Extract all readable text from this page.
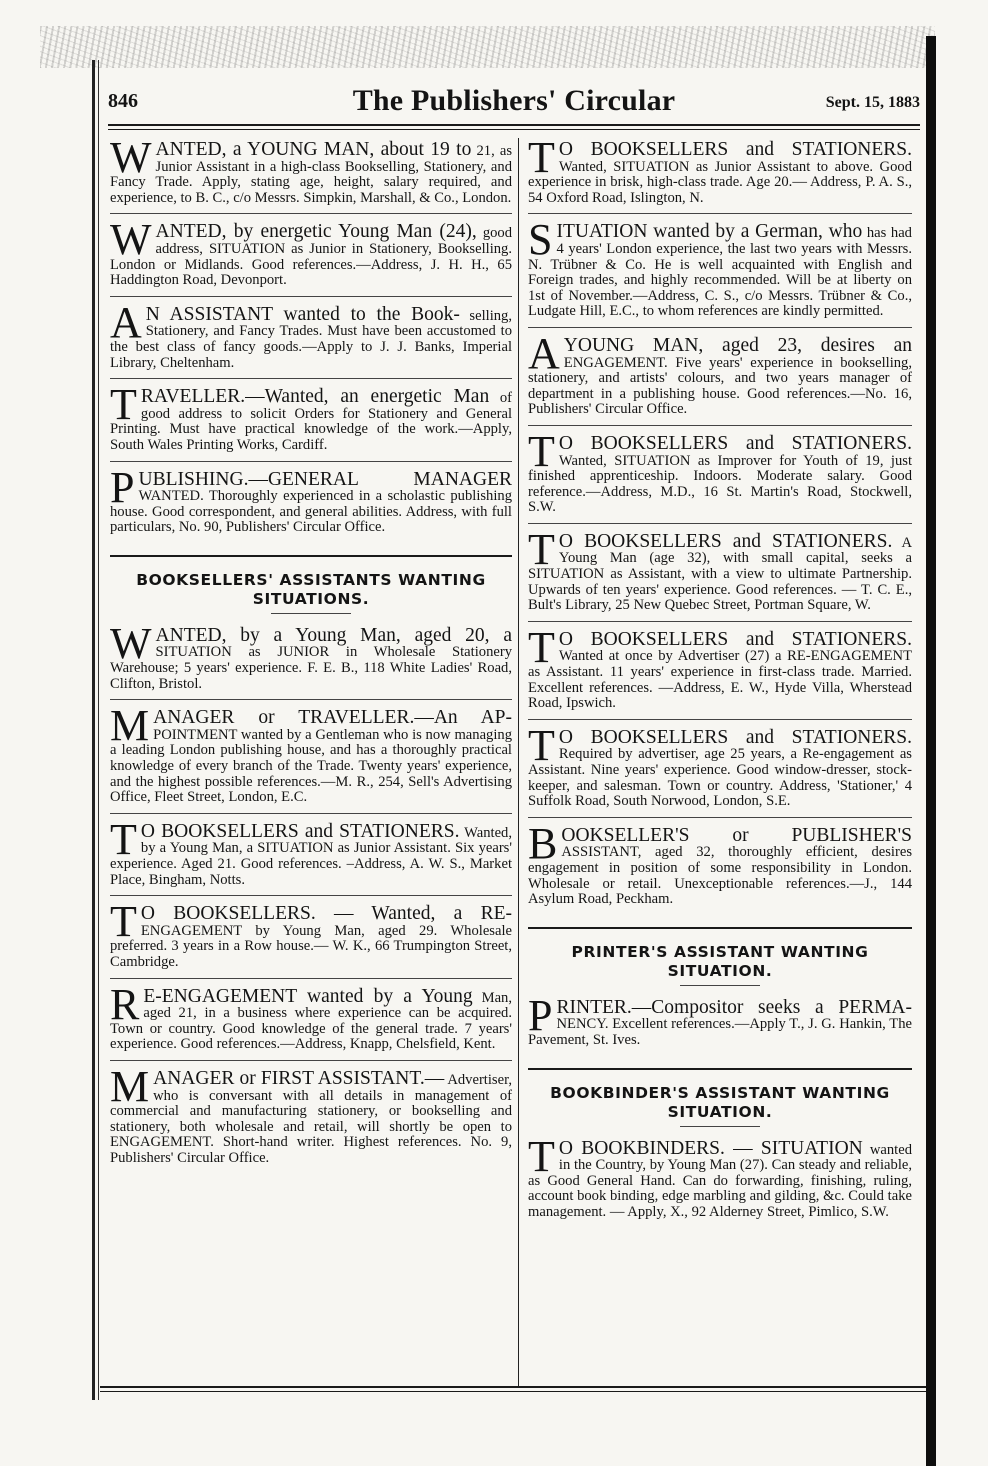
846	The Publishers' Circular	Sept. 15, 1883
W ANTED, a YOUNG MAN, about 19 to 21, as Junior Assistant in a high-class Bookselling, Stationery, and Fancy Trade. Apply, stating age, height, salary required, and experience, to B. C., c/o Messrs. Simpkin, Marshall, & Co., London.
W ANTED, by energetic Young Man (24), good address, SITUATION as Junior in Stationery, Bookselling. London or Midlands. Good references.—Address, J. H. H., 65 Haddington Road, Devonport.
A N ASSISTANT wanted to the Book- selling, Stationery, and Fancy Trades. Must have been accustomed to the best class of fancy goods.—Apply to J. J. Banks, Imperial Library, Cheltenham.
T RAVELLER.—Wanted, an energetic Man of good address to solicit Orders for Stationery and General Printing. Must have practical knowledge of the work.—Apply, South Wales Printing Works, Cardiff.
P UBLISHING.—GENERAL MANAGER WANTED. Thoroughly experienced in a scholastic publishing house. Good correspondent, and general abilities. Address, with full particulars, No. 90, Publishers' Circular Office.
BOOKSELLERS' ASSISTANTS WANTING SITUATIONS.
W ANTED, by a Young Man, aged 20, a SITUATION as JUNIOR in Wholesale Stationery Warehouse; 5 years' experience. F. E. B., 118 White Ladies' Road, Clifton, Bristol.
M ANAGER or TRAVELLER.—An AP- POINTMENT wanted by a Gentleman who is now managing a leading London publishing house, and has a thoroughly practical knowledge of every branch of the Trade. Twenty years' experience, and the highest possible references.—M. R., 254, Sell's Advertising Office, Fleet Street, London, E.C.
T O BOOKSELLERS and STATIONERS. Wanted, by a Young Man, a SITUATION as Junior Assistant. Six years' experience. Aged 21. Good references. –Address, A. W. S., Market Place, Bingham, Notts.
T O BOOKSELLERS. — Wanted, a RE- ENGAGEMENT by Young Man, aged 29. Wholesale preferred. 3 years in a Row house.— W. K., 66 Trumpington Street, Cambridge.
R E-ENGAGEMENT wanted by a Young Man, aged 21, in a business where experience can be acquired. Town or country. Good knowledge of the general trade. 7 years' experience. Good references.—Address, Knapp, Chelsfield, Kent.
M ANAGER or FIRST ASSISTANT.— Advertiser, who is conversant with all details in management of commercial and manufacturing stationery, or bookselling and stationery, both wholesale and retail, will shortly be open to ENGAGEMENT. Short-hand writer. Highest references. No. 9, Publishers' Circular Office.
T O BOOKSELLERS and STATIONERS. Wanted, SITUATION as Junior Assistant to above. Good experience in brisk, high-class trade. Age 20.— Address, P. A. S., 54 Oxford Road, Islington, N.
S ITUATION wanted by a German, who has had 4 years' London experience, the last two years with Messrs. N. Trübner & Co. He is well acquainted with English and Foreign trades, and highly recommended. Will be at liberty on 1st of November.—Address, C. S., c/o Messrs. Trübner & Co., Ludgate Hill, E.C., to whom references are kindly permitted.
A YOUNG MAN, aged 23, desires an ENGAGEMENT. Five years' experience in bookselling, stationery, and artists' colours, and two years manager of department in a publishing house. Good references.—No. 16, Publishers' Circular Office.
T O BOOKSELLERS and STATIONERS. Wanted, SITUATION as Improver for Youth of 19, just finished apprenticeship. Indoors. Moderate salary. Good reference.—Address, M.D., 16 St. Martin's Road, Stockwell, S.W.
T O BOOKSELLERS and STATIONERS. A Young Man (age 32), with small capital, seeks a SITUATION as Assistant, with a view to ultimate Partnership. Upwards of ten years' experience. Good references. — T. C. E., Bult's Library, 25 New Quebec Street, Portman Square, W.
T O BOOKSELLERS and STATIONERS. Wanted at once by Advertiser (27) a RE-ENGAGEMENT as Assistant. 11 years' experience in first-class trade. Married. Excellent references. —Address, E. W., Hyde Villa, Wherstead Road, Ipswich.
T O BOOKSELLERS and STATIONERS. Required by advertiser, age 25 years, a Re-engagement as Assistant. Nine years' experience. Good window-dresser, stock-keeper, and salesman. Town or country. Address, 'Stationer,' 4 Suffolk Road, South Norwood, London, S.E.
B OOKSELLER'S or PUBLISHER'S ASSISTANT, aged 32, thoroughly efficient, desires engagement in position of some responsibility in London. Wholesale or retail. Unexceptionable references.—J., 144 Asylum Road, Peckham.
PRINTER'S ASSISTANT WANTING SITUATION.
P RINTER.—Compositor seeks a PERMA- NENCY. Excellent references.—Apply T., J. G. Hankin, The Pavement, St. Ives.
BOOKBINDER'S ASSISTANT WANTING SITUATION.
T O BOOKBINDERS. — SITUATION wanted in the Country, by Young Man (27). Can steady and reliable, as Good General Hand. Can do forwarding, finishing, ruling, account book binding, edge marbling and gilding, &c. Could take management. — Apply, X., 92 Alderney Street, Pimlico, S.W.
